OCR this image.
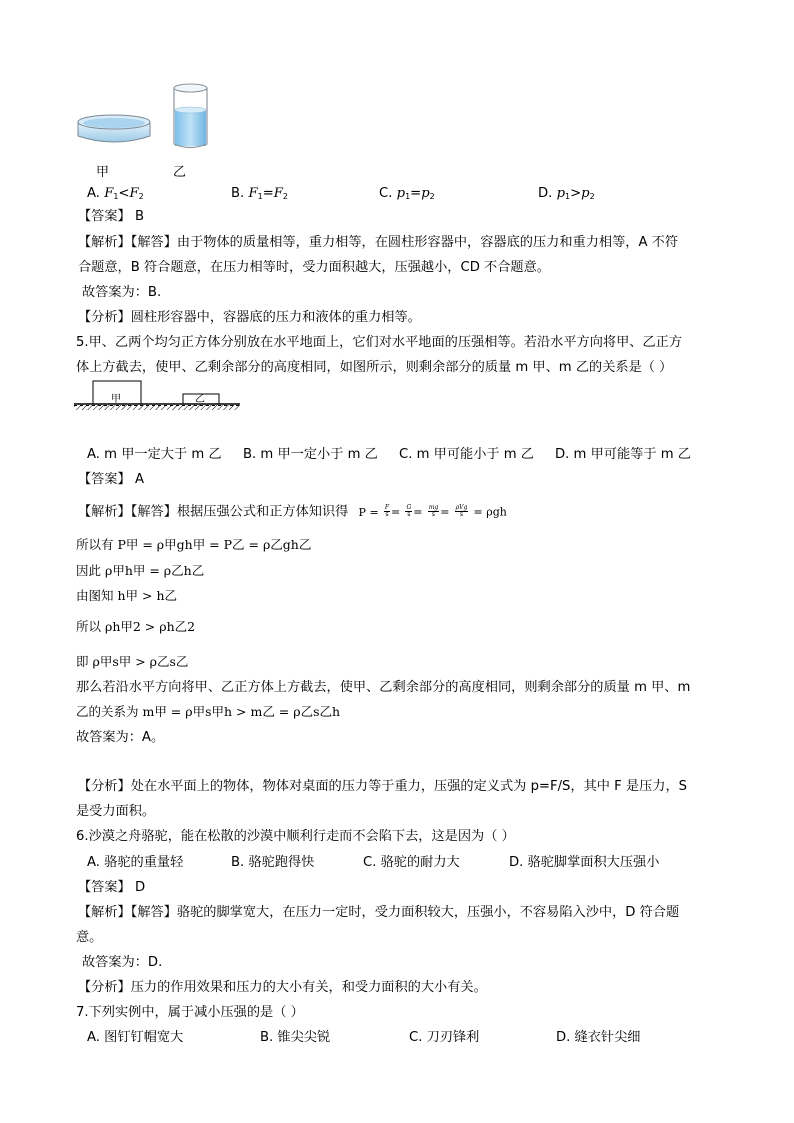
甲	乙
A. $F_1<F_2$	B. $F_1=F_2$	C. $p_1=p_2$	D. $p_1>p_2$
【答案】 B
【解析】【解答】由于物体的质量相等，重力相等，在圆柱形容器中，容器底的压力和重力相等，A 不符
合题意，B 符合题意，在压力相等时，受力面积越大，压强越小，CD 不合题意。
故答案为：B.
【分析】圆柱形容器中，容器底的压力和液体的重力相等。
5.甲、乙两个均匀正方体分别放在水平地面上，它们对水平地面的压强相等。若沿水平方向将甲、乙正方
体上方截去，使甲、乙剩余部分的高度相同，如图所示，则剩余部分的质量 m 甲、m 乙的关系是（ ）
甲	乙
A. m 甲一定大于 m 乙 B. m 甲一定小于 m 乙 C. m 甲可能小于 m 乙 D. m 甲可能等于 m 乙
【答案】 A
【解析】【解答】根据压强公式和正方体知识得 $P = \frac{F}{s} = \frac{G}{s} = \frac{mg}{s} = \frac{\text{ρVg}}{s} = \rho gh$
所以有 P甲 = ρ甲gh甲 = P乙 = ρ乙gh乙
因此 ρ甲h甲 = ρ乙h乙
由图知 h甲 > h乙
所以 ρh甲2 > ρh乙2
即 ρ甲s甲 > ρ乙s乙
那么若沿水平方向将甲、乙正方体上方截去，使甲、乙剩余部分的高度相同，则剩余部分的质量 m 甲、m
乙的关系为 m甲 = ρ甲s甲h > m乙 = ρ乙s乙h
故答案为：A。
【分析】处在水平面上的物体，物体对桌面的压力等于重力，压强的定义式为 p=F/S，其中 F 是压力，S
是受力面积。
6.沙漠之舟骆驼，能在松散的沙漠中顺利行走而不会陷下去，这是因为（ ）
A. 骆驼的重量轻	B. 骆驼跑得快	C. 骆驼的耐力大	D. 骆驼脚掌面积大压强小
【答案】 D
【解析】【解答】骆驼的脚掌宽大，在压力一定时，受力面积较大，压强小，不容易陷入沙中，D 符合题
意。
故答案为：D.
【分析】压力的作用效果和压力的大小有关，和受力面积的大小有关。
7.下列实例中，属于减小压强的是（ ）
A. 图钉钉帽宽大	B. 锥尖尖锐	C. 刀刃锋利	D. 缝衣针尖细
